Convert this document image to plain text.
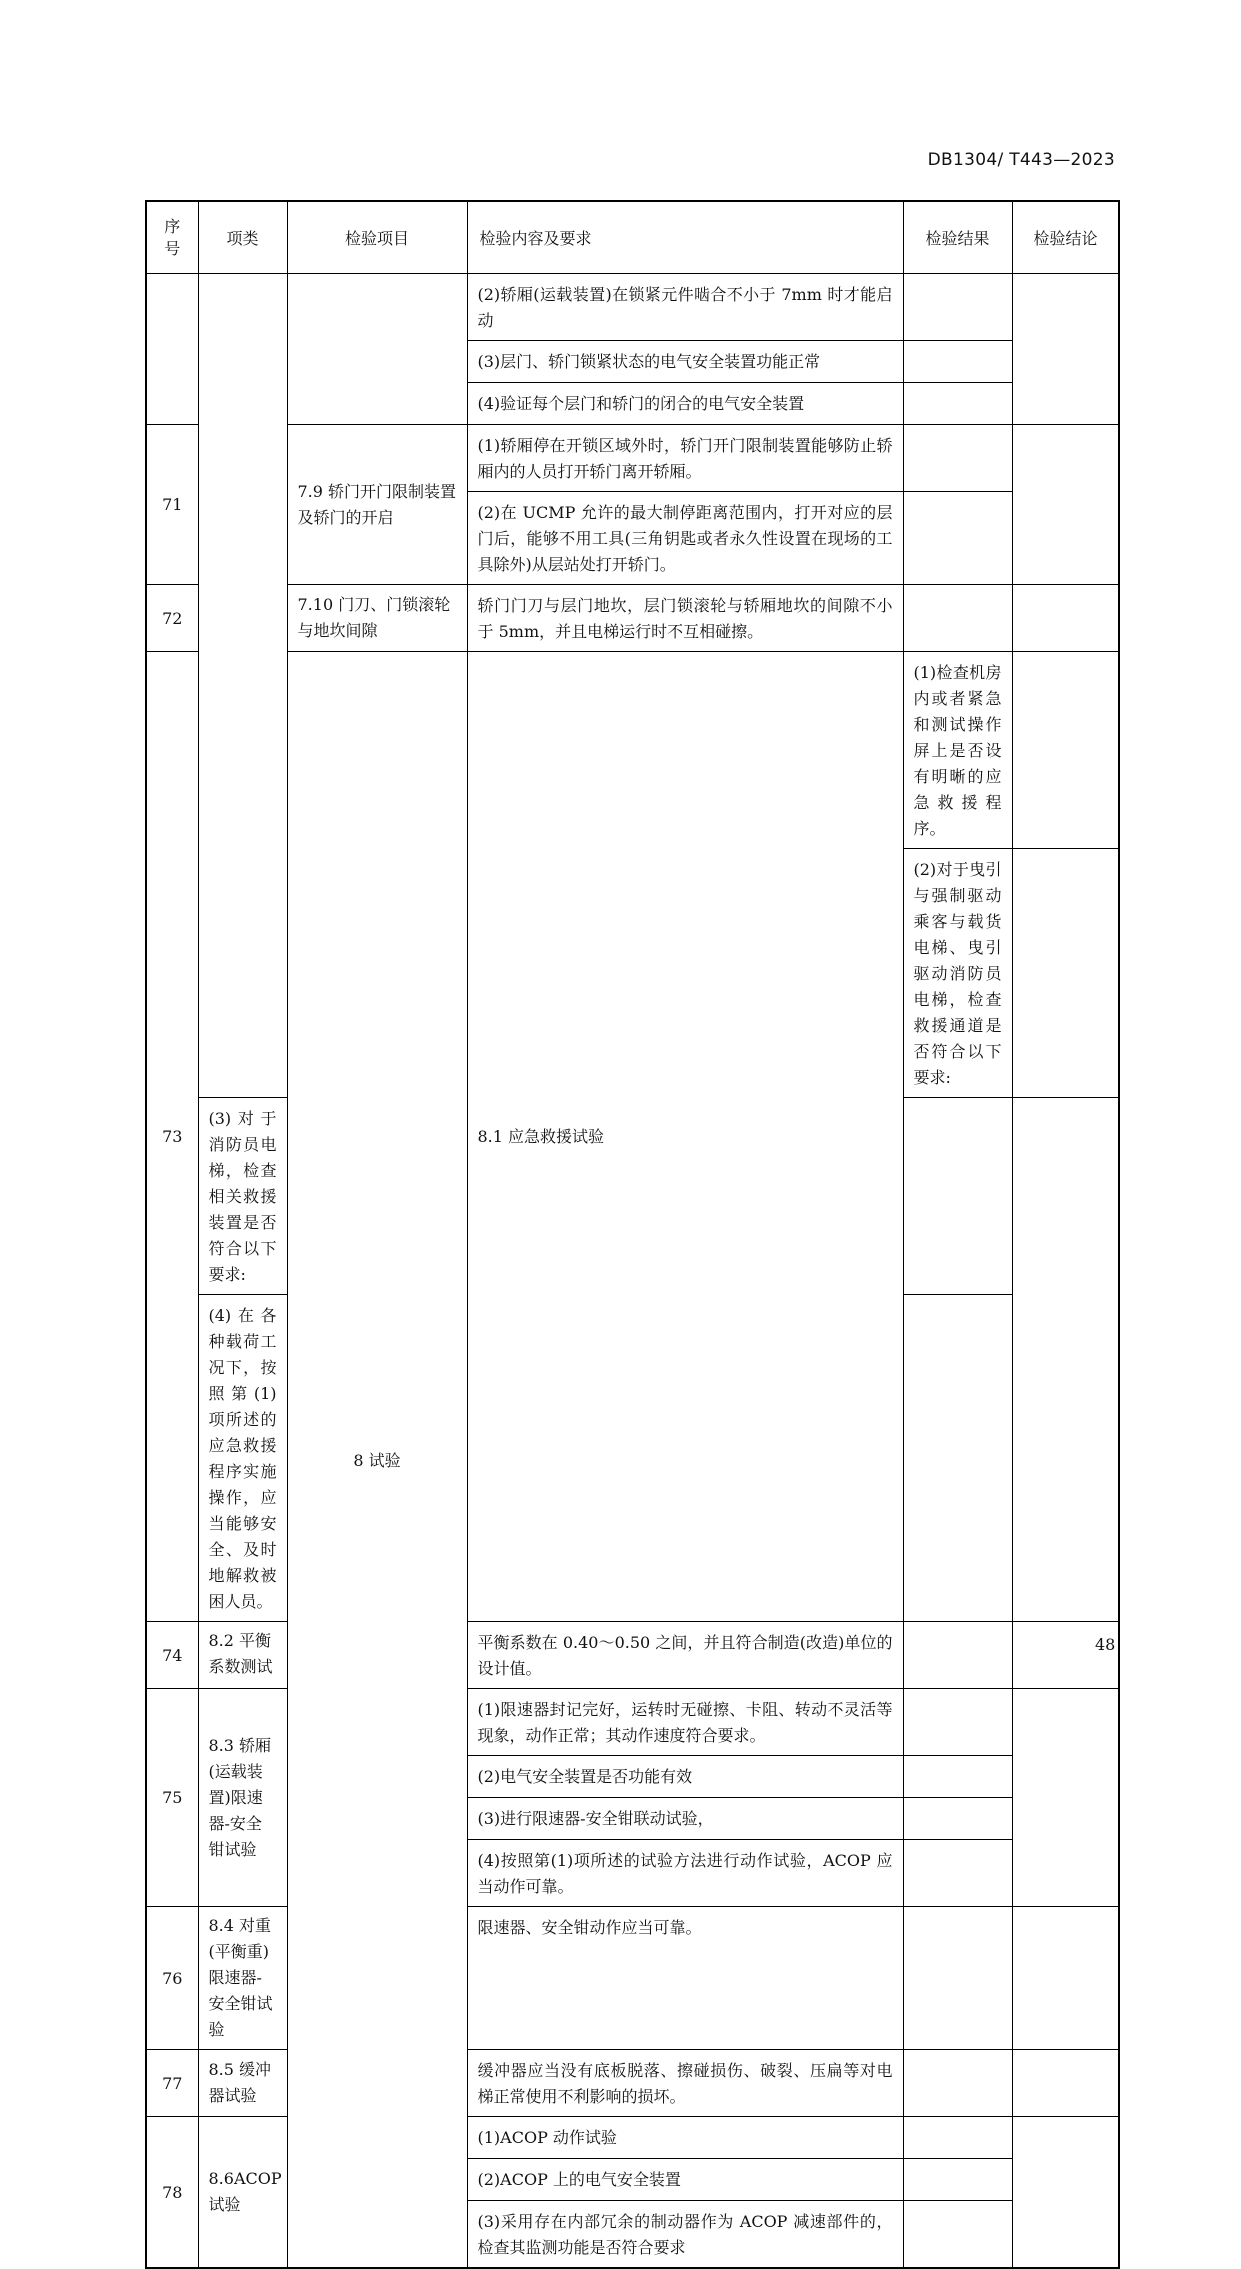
DB1304/ T443—2023
序
号	项类	检验项目	检验内容及要求	检验结果	检验结论	
			(2)轿厢(运载装置)在锁紧元件啮合不小于 7mm 时才能启动			
			(3)层门、轿门锁紧状态的电气安全装置功能正常			
			(4)验证每个层门和轿门的闭合的电气安全装置			
71		7.9 轿门开门限制装置及轿门的开启	(1)轿厢停在开锁区域外时，轿门开门限制装置能够防止轿厢内的人员打开轿门离开轿厢。			
			(2)在 UCMP 允许的最大制停距离范围内，打开对应的层门后，能够不用工具(三角钥匙或者永久性设置在现场的工具除外)从层站处打开轿门。			
72		7.10 门刀、门锁滚轮与地坎间隙	轿门门刀与层门地坎，层门锁滚轮与轿厢地坎的间隙不小于 5mm，并且电梯运行时不互相碰擦。			
73		8 试验	8.1 应急救援试验	(1)检查机房内或者紧急和测试操作屏上是否设有明晰的应急救援程序。		
				(2)对于曳引与强制驱动乘客与载货电梯、曳引驱动消防员电梯，检查救援通道是否符合以下要求:		
	(3)对于消防员电梯，检查相关救援装置是否符合以下要求:					
	(4)在各种载荷工况下，按照第(1)项所述的应急救援程序实施操作，应当能够安全、及时地解救被困人员。					
74	8.2 平衡系数测试		平衡系数在 0.40～0.50 之间，并且符合制造(改造)单位的设计值。			
75	8.3 轿厢(运载装置)限速器-安全钳试验		(1)限速器封记完好，运转时无碰擦、卡阻、转动不灵活等现象，动作正常；其动作速度符合要求。			
			(2)电气安全装置是否功能有效			
			(3)进行限速器-安全钳联动试验，			
			(4)按照第(1)项所述的试验方法进行动作试验，ACOP 应当动作可靠。			
76	8.4 对重(平衡重)限速器-安全钳试验		限速器、安全钳动作应当可靠。			
77	8.5 缓冲器试验		缓冲器应当没有底板脱落、擦碰损伤、破裂、压扁等对电梯正常使用不利影响的损坏。			
78	8.6ACOP 试验		(1)ACOP 动作试验			
			(2)ACOP 上的电气安全装置			
			(3)采用存在内部冗余的制动器作为 ACOP 减速部件的，检查其监测功能是否符合要求			
48
